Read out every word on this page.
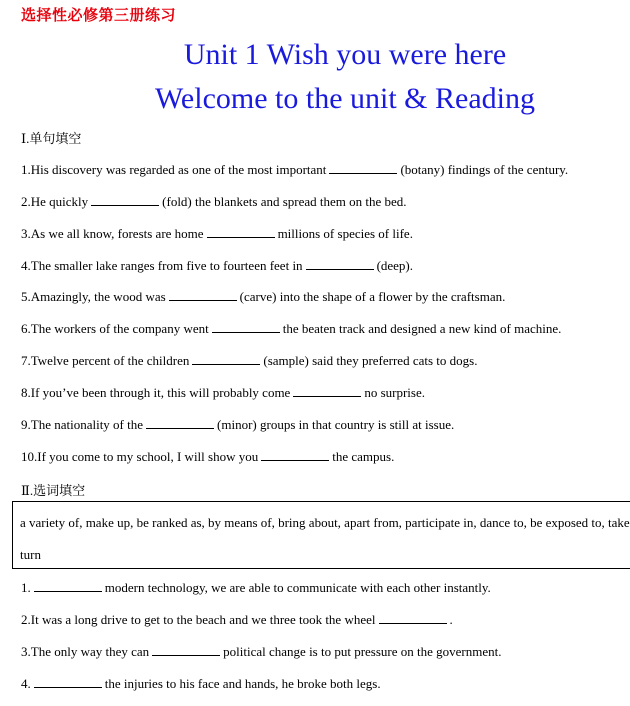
选择性必修第三册练习
Unit 1 Wish you were here
Welcome to the unit & Reading
Ⅰ.单句填空
1.His discovery was regarded as one of the most important	(botany) findings of the century.
2.He quickly	(fold) the blankets and spread them on the bed.
3.As we all know, forests are home	millions of species of life.
4.The smaller lake ranges from five to fourteen feet in	(deep).
5.Amazingly, the wood was	(carve) into the shape of a flower by the craftsman.
6.The workers of the company went	the beaten track and designed a new kind of machine.
7.Twelve percent of the children	(sample) said they preferred cats to dogs.
8.If you’ve been through it, this will probably come	no surprise.
9.The nationality of the	(minor) groups in that country is still at issue.
10.If you come to my school, I will show you	the campus.
Ⅱ.选词填空
a variety of, make up, be ranked as, by means of, bring about, apart from, participate in, dance to, be exposed to, take
turn
1.	modern technology, we are able to communicate with each other instantly.
2.It was a long drive to get to the beach and we three took the wheel	.
3.The only way they can	political change is to put pressure on the government.
4.	the injuries to his face and hands, he broke both legs.
